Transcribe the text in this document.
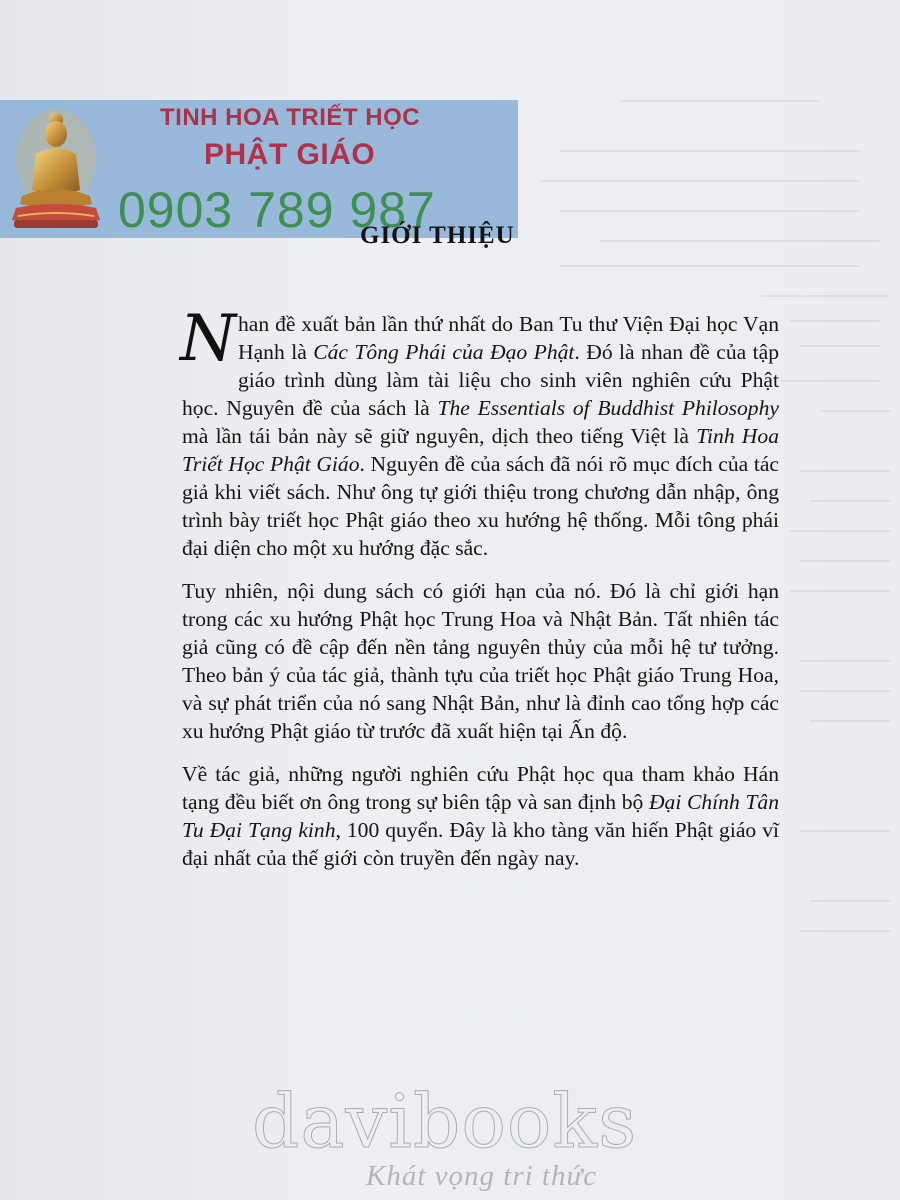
TINH HOA TRIẾT HỌC
PHẬT GIÁO
0903 789 987
GIỚI THIỆU

Nhan đề xuất bản lần thứ nhất do Ban Tu thư Viện Đại học Vạn Hạnh là Các Tông Phái của Đạo Phật. Đó là nhan đề của tập giáo trình dùng làm tài liệu cho sinh viên nghiên cứu Phật học. Nguyên đề của sách là The Essentials of Buddhist Philosophy mà lần tái bản này sẽ giữ nguyên, dịch theo tiếng Việt là Tinh Hoa Triết Học Phật Giáo. Nguyên đề của sách đã nói rõ mục đích của tác giả khi viết sách. Như ông tự giới thiệu trong chương dẫn nhập, ông trình bày triết học Phật giáo theo xu hướng hệ thống. Mỗi tông phái đại diện cho một xu hướng đặc sắc.

Tuy nhiên, nội dung sách có giới hạn của nó. Đó là chỉ giới hạn trong các xu hướng Phật học Trung Hoa và Nhật Bản. Tất nhiên tác giả cũng có đề cập đến nền tảng nguyên thủy của mỗi hệ tư tưởng. Theo bản ý của tác giả, thành tựu của triết học Phật giáo Trung Hoa, và sự phát triển của nó sang Nhật Bản, như là đỉnh cao tổng hợp các xu hướng Phật giáo từ trước đã xuất hiện tại Ấn độ.

Về tác giả, những người nghiên cứu Phật học qua tham khảo Hán tạng đều biết ơn ông trong sự biên tập và san định bộ Đại Chính Tân Tu Đại Tạng kinh, 100 quyển. Đây là kho tàng văn hiến Phật giáo vĩ đại nhất của thế giới còn truyền đến ngày nay.

davibooks
Khát vọng tri thức
